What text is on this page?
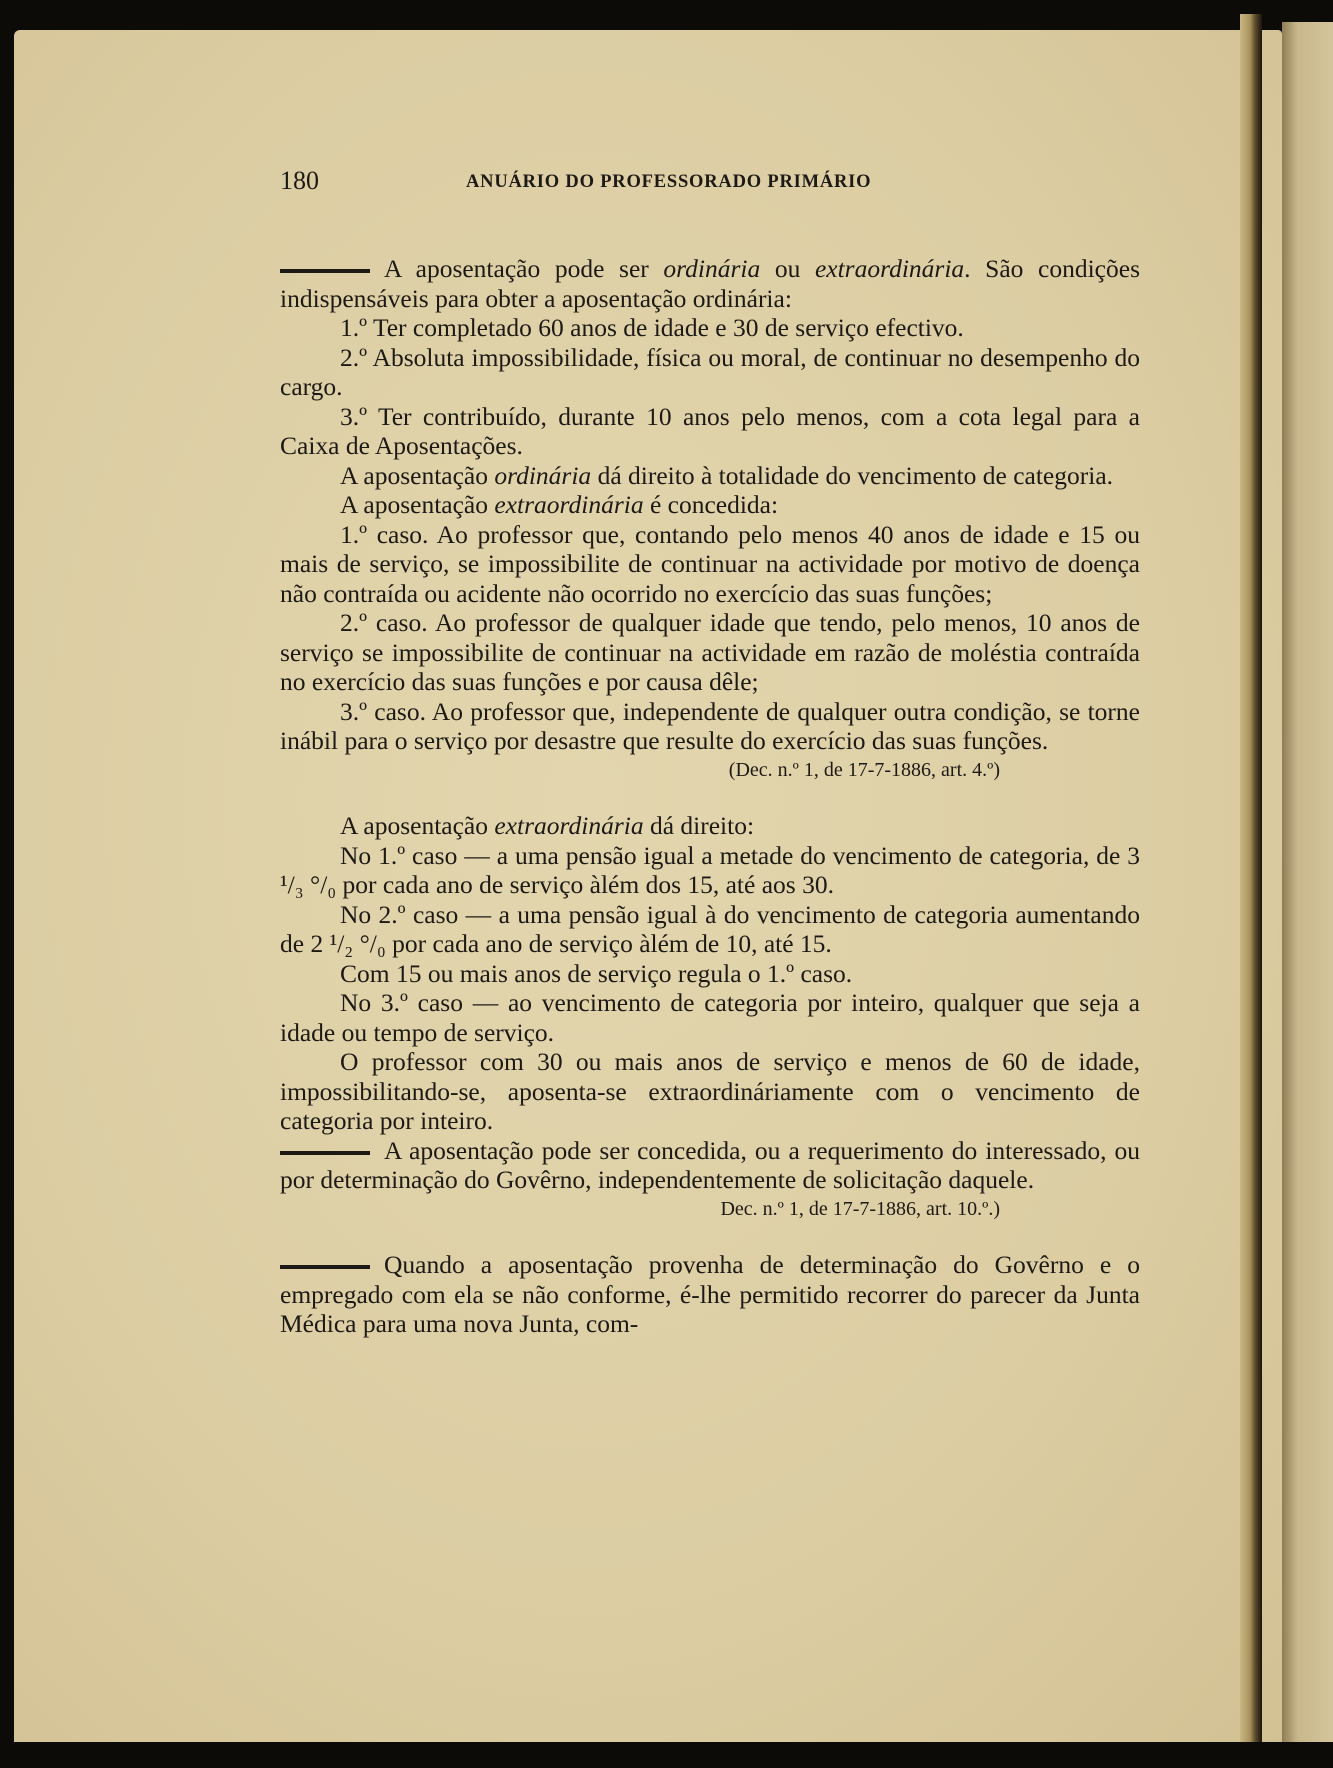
180	ANUÁRIO DO PROFESSORADO PRIMÁRIO

A aposentação pode ser ordinária ou extraordinária. São condições indispensáveis para obter a aposentação ordinária:

1.º Ter completado 60 anos de idade e 30 de serviço efectivo.

2.º Absoluta impossibilidade, física ou moral, de continuar no desempenho do cargo.

3.º Ter contribuído, durante 10 anos pelo menos, com a cota legal para a Caixa de Aposentações.

A aposentação ordinária dá direito à totalidade do vencimento de categoria.

A aposentação extraordinária é concedida:

1.º caso. Ao professor que, contando pelo menos 40 anos de idade e 15 ou mais de serviço, se impossibilite de continuar na actividade por motivo de doença não contraída ou acidente não ocorrido no exercício das suas funções;

2.º caso. Ao professor de qualquer idade que tendo, pelo menos, 10 anos de serviço se impossibilite de continuar na actividade em razão de moléstia contraída no exercício das suas funções e por causa dêle;

3.º caso. Ao professor que, independente de qualquer outra condição, se torne inábil para o serviço por desastre que resulte do exercício das suas funções.

(Dec. n.º 1, de 17-7-1886, art. 4.º)

A aposentação extraordinária dá direito:

No 1.º caso — a uma pensão igual a metade do vencimento de categoria, de 3 ¹/₃ °/₀ por cada ano de serviço àlém dos 15, até aos 30.

No 2.º caso — a uma pensão igual à do vencimento de categoria aumentando de 2 ¹/₂ °/₀ por cada ano de serviço àlém de 10, até 15.

Com 15 ou mais anos de serviço regula o 1.º caso.

No 3.º caso — ao vencimento de categoria por inteiro, qualquer que seja a idade ou tempo de serviço.

O professor com 30 ou mais anos de serviço e menos de 60 de idade, impossibilitando-se, aposenta-se extraordináriamente com o vencimento de categoria por inteiro.

A aposentação pode ser concedida, ou a requerimento do interessado, ou por determinação do Govêrno, independentemente de solicitação daquele.

Dec. n.º 1, de 17-7-1886, art. 10.º.)

Quando a aposentação provenha de determinação do Govêrno e o empregado com ela se não conforme, é-lhe permitido recorrer do parecer da Junta Médica para uma nova Junta, com-
